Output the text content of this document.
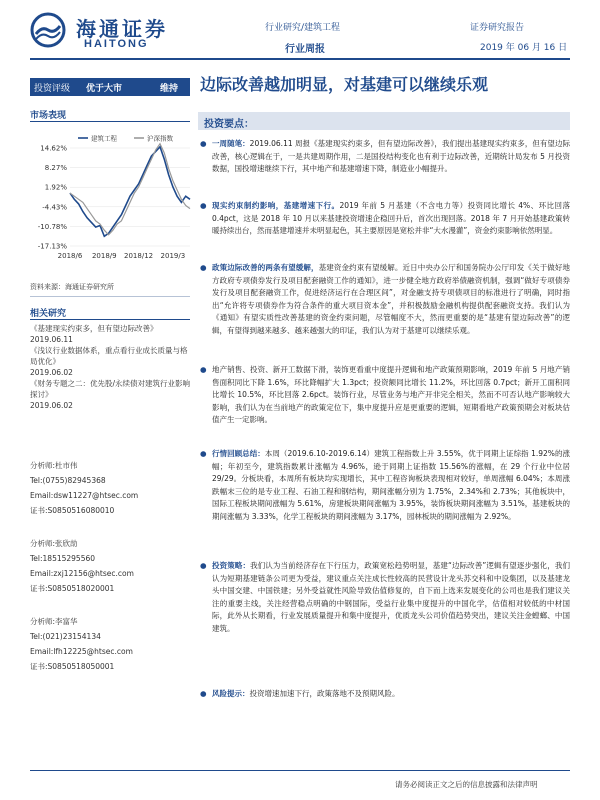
海通证券
HAITONG
行业研究/建筑工程
行业周报
证券研究报告
2019 年 06 月 16 日
投资评级 优于大市	维持 边际改善越加明显，对基建可以继续乐观
市场表现
14.62%
8.27%
1.92%
-4.43%
-10.78%
-17.13%
2018/6 2018/9 2018/12 2019/3
建筑工程	沪深指数
资料来源：海通证券研究所
相关研究
《基建现实约束多，但有望边际改善》
2019.06.11
《浅议行业数据体系，重点看行业成长质量与格局优化》
2019.06.02
《财务专题之二：优先股/永续债对建筑行业影响探讨》
2019.06.02
分析师:杜市伟
Tel:(0755)82945368
Email:dsw11227@htsec.com
证书:S0850516080010
分析师:张欣劼
Tel:18515295560
Email:zxj12156@htsec.com
证书:S0850518020001
分析师:李富华
Tel:(021)23154134
Email:lfh12225@htsec.com
证书:S0850518050001
投资要点：

● 一周随笔：2019.06.11 周报《基建现实约束多，但有望边际改善》，我们提出基建现实约束多，但有望边际改善，核心逻辑在于，一是共建周期作用，二是国投结构变化也有利于边际改善，近期统计局发布 5 月投资数据，国投增速继续下行，其中地产和基建增速下降，制造业小幅提升。

● 现实约束制约影响，基建增速下行。2019 年前 5 月基建（不含电力等）投资同比增长 4%、环比回落 0.4pct，这是 2018 年 10 月以来基建投资增速企稳回升后，首次出现回落。2018 年 7 月开始基建政策转暖持续出台，然而基建增速并未明显起色，其主要原因是宽松并非“大水漫灌”，资金约束影响依然明显。

● 政策边际改善的两条有望缓解，基建资金约束有望缓解。近日中央办公厅和国务院办公厅印发《关于做好地方政府专项债券发行及项目配套融资工作的通知》，进一步健全地方政府举债融资机制，强调“做好专项债券发行及项目配套融资工作，促进经济运行在合理区间”，对金融支持专项债项目的标准进行了明确，同时指出“允许将专项债券作为符合条件的重大项目资本金”，并积极鼓励金融机构提供配套融资支持。我们认为《通知》有望实质性改善基建的资金约束问题，尽管幅度不大，然而更重要的是“基建有望边际改善”的逻辑，有望得到越来越多、越来越强大的印证，我们认为对于基建可以继续乐观。

● 地产销售、投资、新开工数据下滑，装饰更看重中度提升逻辑和地产政策预期影响，2019 年前 5 月地产销售面积同比下降 1.6%，环比降幅扩大 1.3pct；投资额同比增长 11.2%，环比回落 0.7pct；新开工面积同比增长 10.5%，环比回落 2.6pct。装饰行业，尽管业务与地产开非完全相关，然而不可否认地产影响较大影响，我们认为在当前地产的政策定位下，集中度提升应是更重要的逻辑，短期看地产政策预期会对板块估值产生一定影响。

● 行情回顾总结：本周（2019.6.10-2019.6.14）建筑工程指数上升 3.55%，优于同期上证综指 1.92%的涨幅；年初至今，建筑指数累计涨幅为 4.96%，逊于同期上证指数 15.56%的涨幅，在 29 个行业中位居 29/29。分板块看，本周所有板块均实现增长，其中工程咨询板块表现相对较好，单周涨幅 6.04%；本周涨跌幅末三位的是专业工程、石油工程和钢结构，期间涨幅分别为 1.75%，2.34%和 2.73%；其他板块中，国际工程板块期间涨幅为 5.61%，房建板块期间涨幅为 3.95%，装饰板块期间涨幅为 3.51%，基建板块的期间涨幅为 3.33%，化学工程板块的期间涨幅为 3.17%，园林板块的期间涨幅为 2.92%。

● 投资策略：我们认为当前经济存在下行压力，政策宽松趋势明显，基建“边际改善”逻辑有望逐步强化，我们认为短期基建链条公司更为受益，建议重点关注成长性较高的民营设计龙头苏交科和中设集团，以及基建龙头中国交建、中国铁建；另外受益就性风险导致估值修复的，自下而上选来发展变化的公司也是我们建议关注的重要主线，关注经营稳点明确的中钢国际，受益行业集中度提升的中国化学，估值相对较低的中材国际，此外从长期看，行业发展质量提升和集中度提升，优质龙头公司价值趋势突出，建议关注金螳螂、中国建筑。

● 风险提示：投资增速加速下行，政策落地不及预期风险。

请务必阅读正文之后的信息披露和法律声明
